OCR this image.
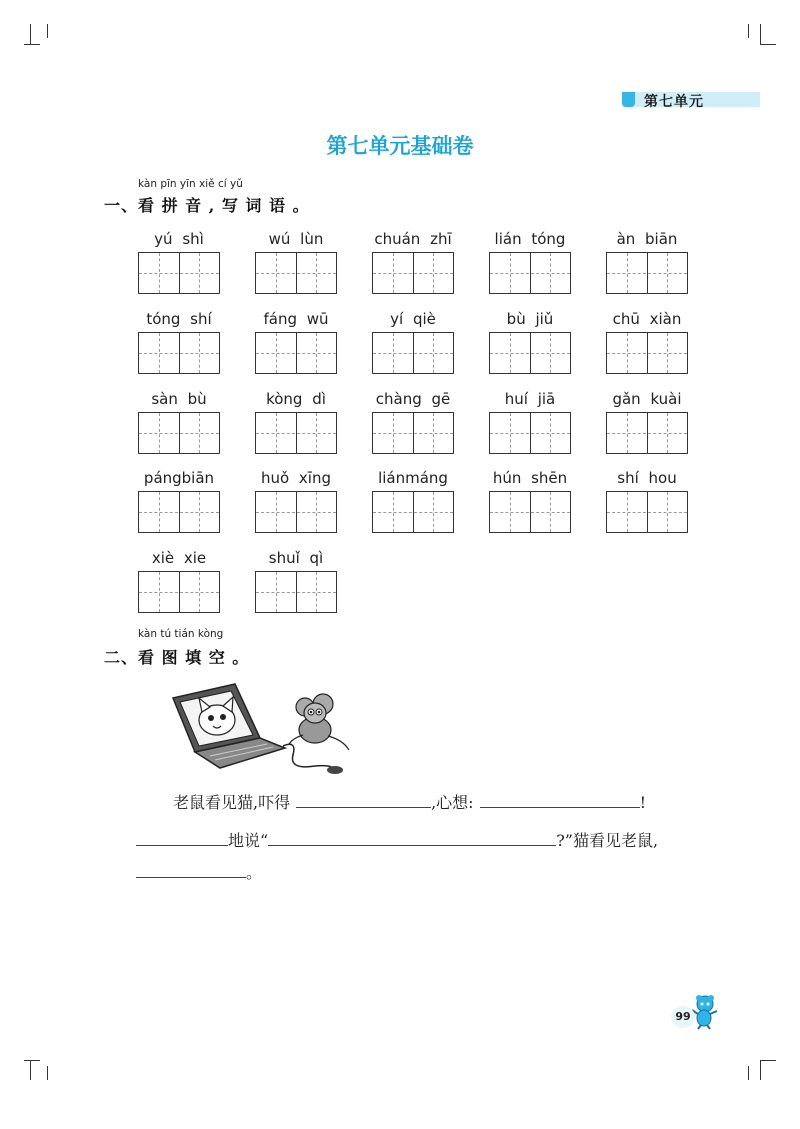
第七单元
第七单元基础卷
kàn pīn yīn xiě cí yǔ
一、看 拼 音 , 写 词 语 。
yú shì	wú lùn	chuán zhī	lián tóng	àn biān
tóng shí	fáng wū	yí qiè	bù jiǔ	chū xiàn
sàn bù	kòng dì	chàng gē	huí jiā	gǎn kuài
pángbiān	huǒ xīng	liánmáng	hún shēn	shí hou
xiè xie	shuǐ qì
kàn tú tián kòng
二、看 图 填 空 。
老鼠看见猫,吓得	,心想:	!
地说“	?”猫看见老鼠,
。
99
